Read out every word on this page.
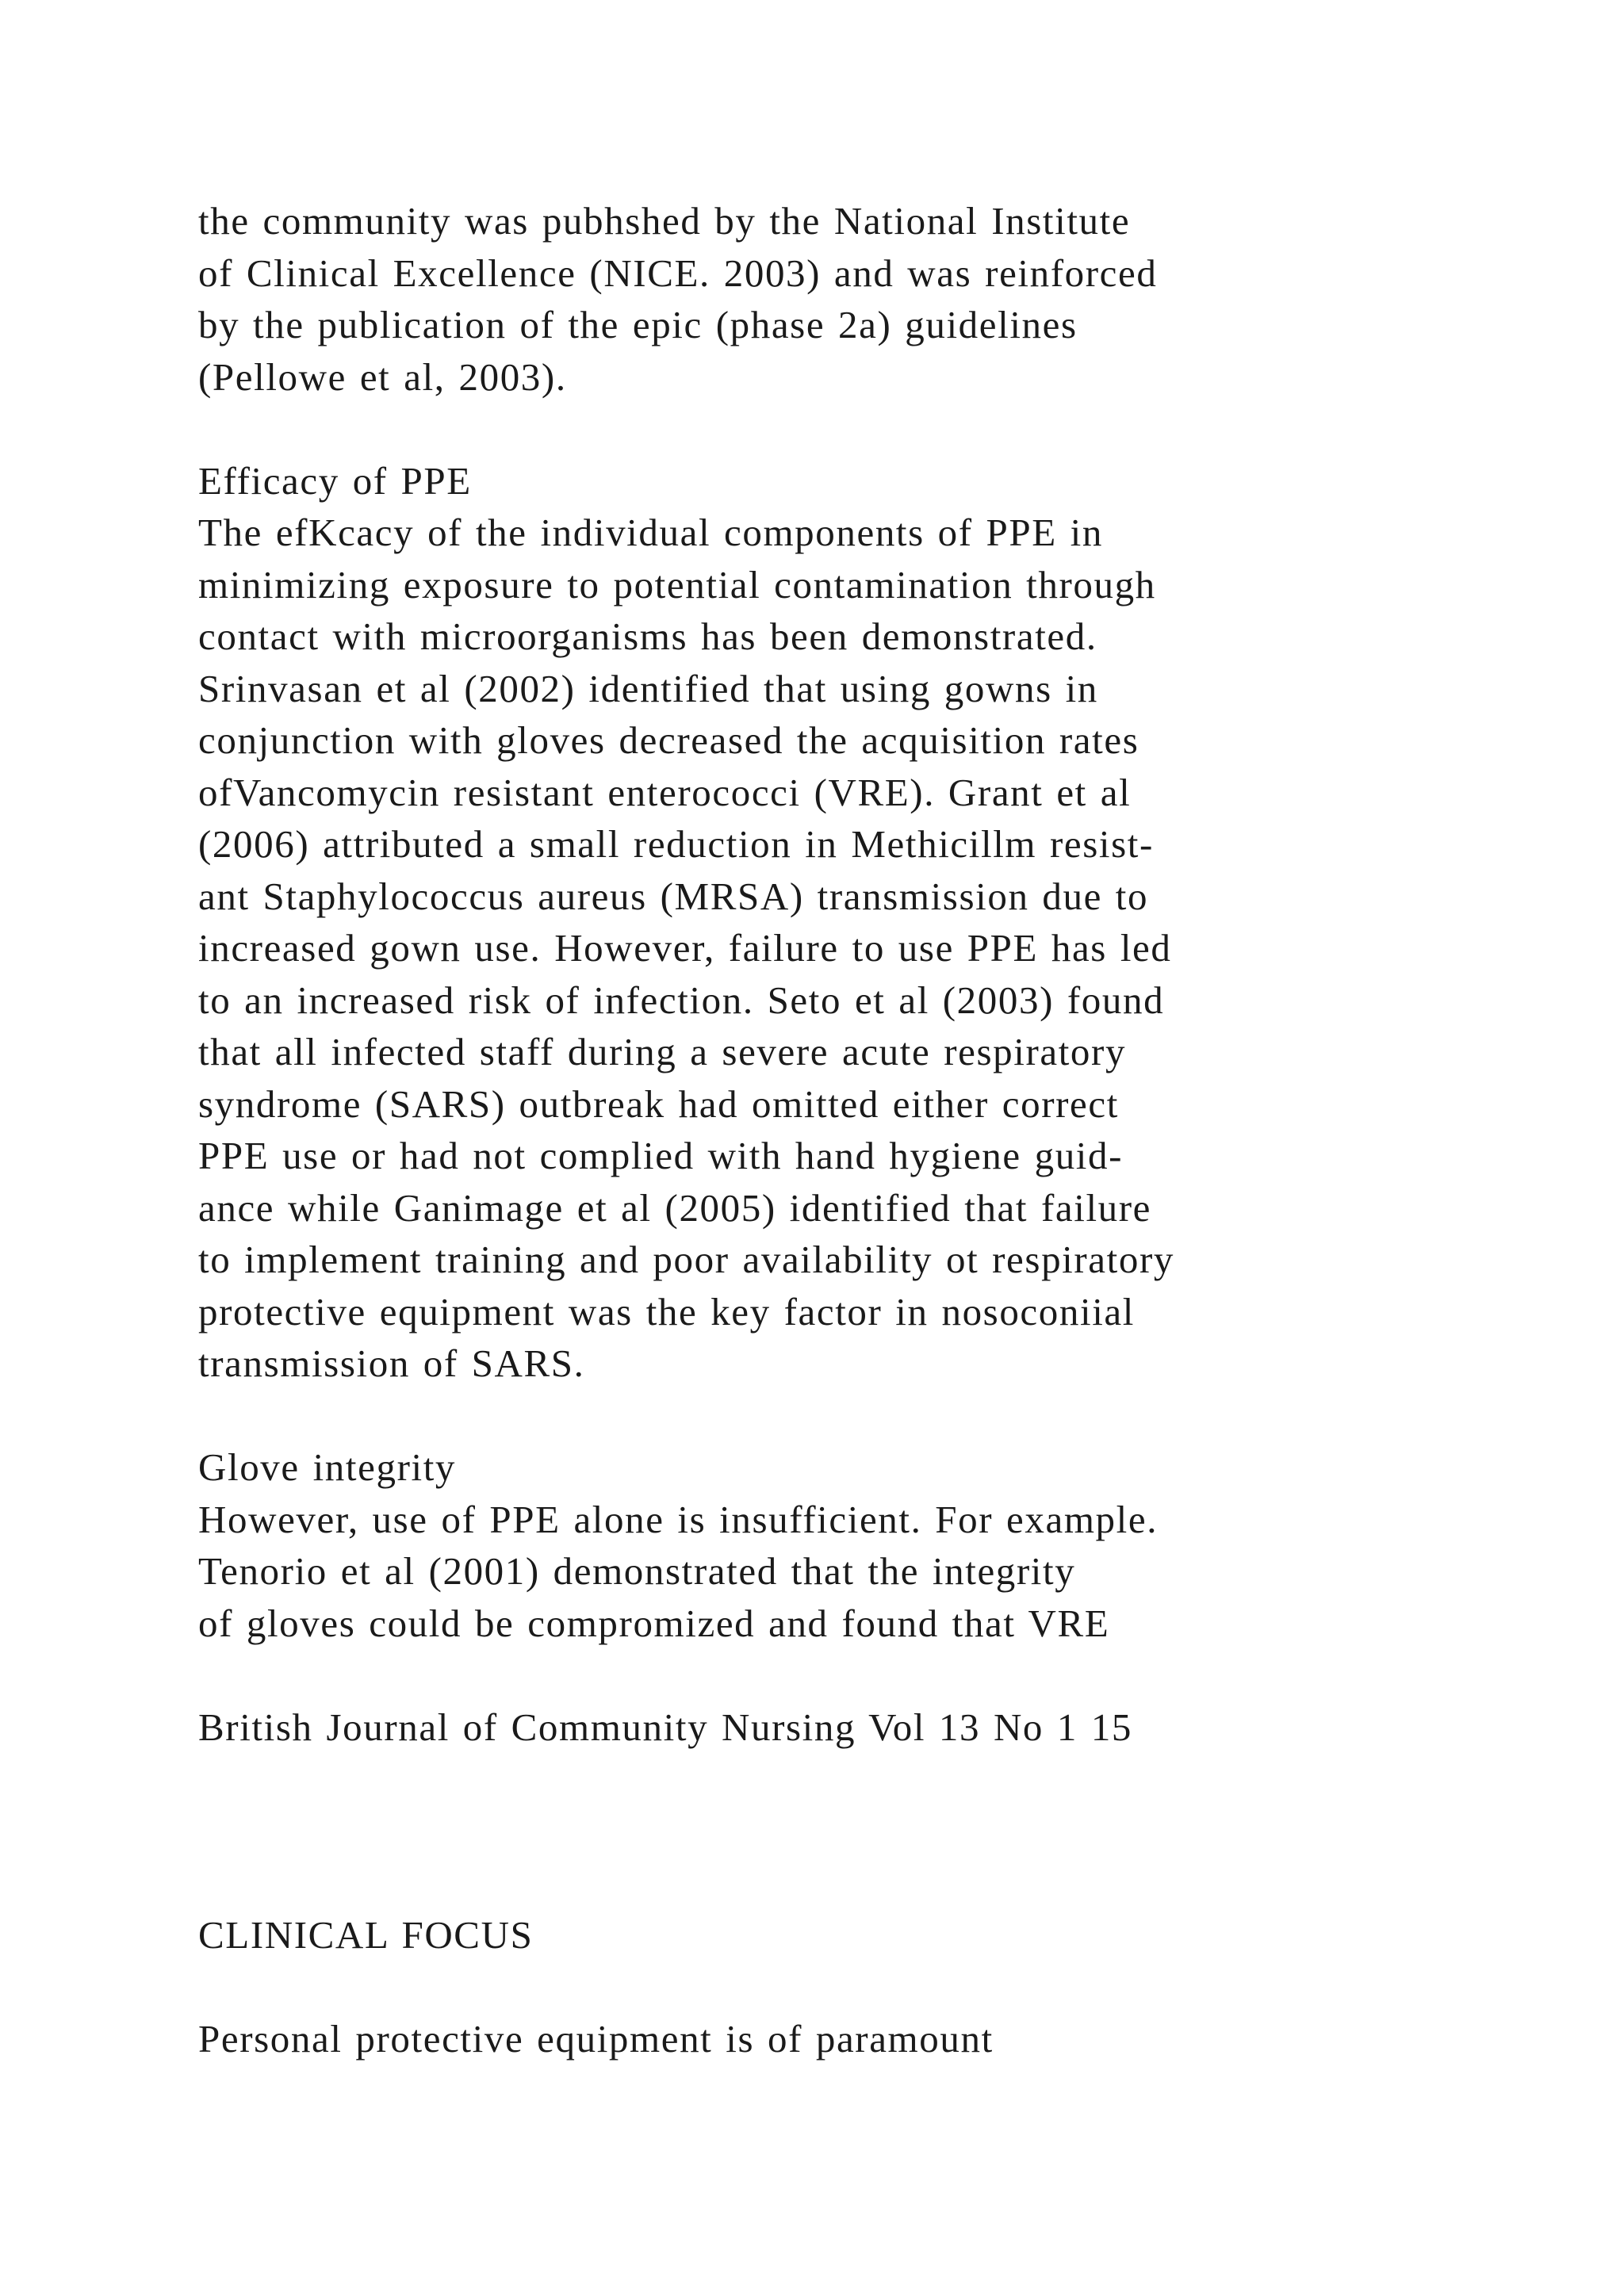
the community was pubhshed by the National Institute
of Clinical Excellence (NICE. 2003) and was reinforced
by the publication of the epic (phase 2a) guidelines
(Pellowe et al, 2003).
Efficacy of PPE
The efKcacy of the individual components of PPE in
minimizing exposure to potential contamination through
contact with microorganisms has been demonstrated.
Srinvasan et al (2002) identified that using gowns in
conjunction with gloves decreased the acquisition rates
ofVancomycin resistant enterococci (VRE). Grant et al
(2006) attributed a small reduction in Methicillm resist-
ant Staphylococcus aureus (MRSA) transmission due to
increased gown use. However, failure to use PPE has led
to an increased risk of infection. Seto et al (2003) found
that all infected staff during a severe acute respiratory
syndrome (SARS) outbreak had omitted either correct
PPE use or had not complied with hand hygiene guid-
ance while Ganimage et al (2005) identified that failure
to implement training and poor availability ot respiratory
protective equipment was the key factor in nosoconiial
transmission of SARS.
Glove integrity
However, use of PPE alone is insufficient. For example.
Tenorio et al (2001) demonstrated that the integrity
of gloves could be compromized and found that VRE
British Journal of Community Nursing Vol 13 No 1 15
CLINICAL FOCUS
Personal protective equipment is of paramount
